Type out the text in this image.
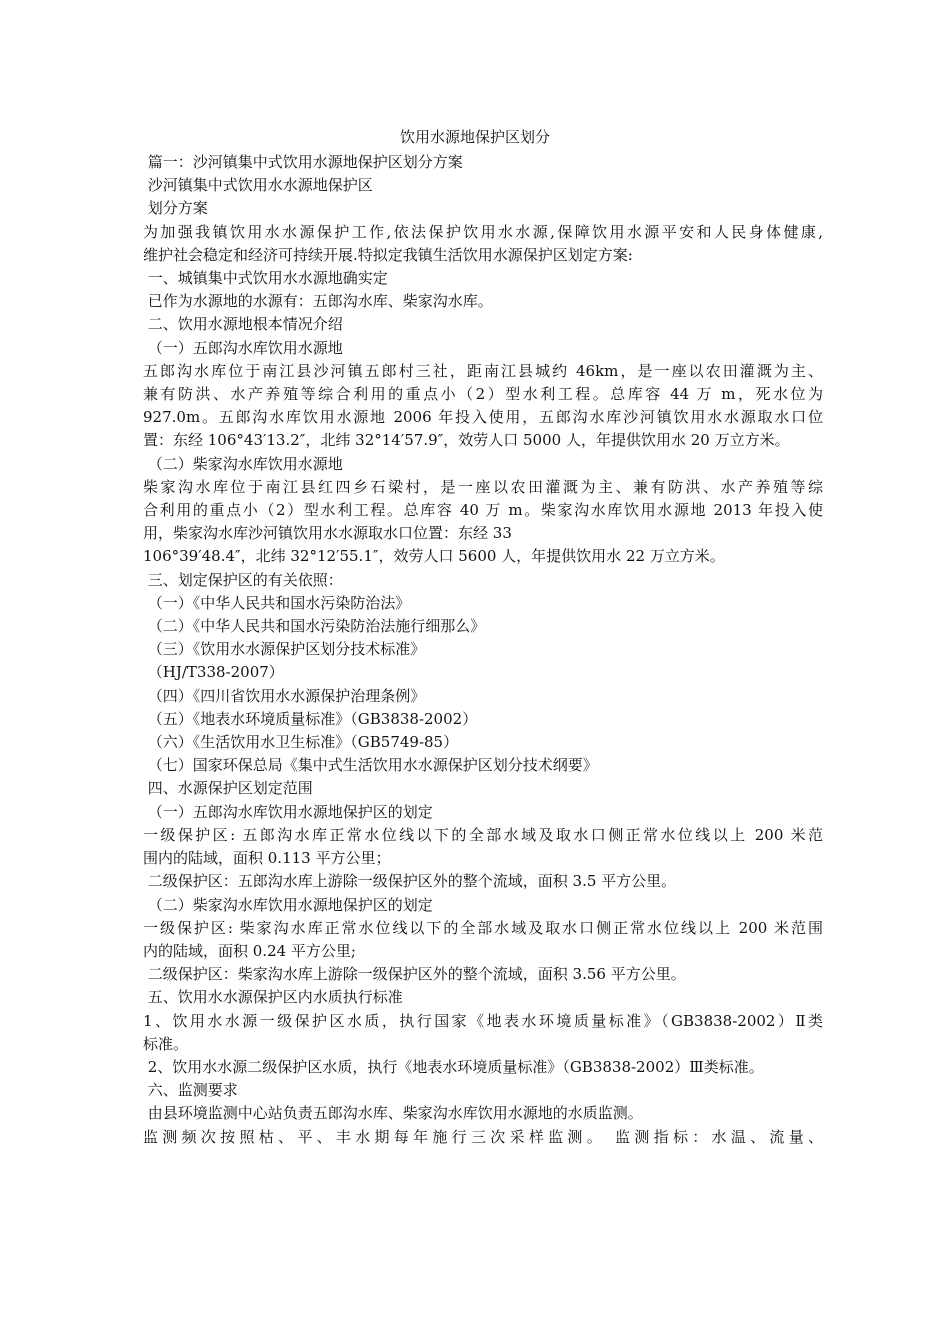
饮用水源地保护区划分
篇一：沙河镇集中式饮用水源地保护区划分方案
沙河镇集中式饮用水水源地保护区
划分方案
为加强我镇饮用水水源保护工作,依法保护饮用水水源,保障饮用水源平安和人民身体健康,
维护社会稳定和经济可持续开展.特拟定我镇生活饮用水源保护区划定方案:
一、城镇集中式饮用水水源地确实定
已作为水源地的水源有：五郎沟水库、柴家沟水库。
二、饮用水源地根本情况介绍
（一）五郎沟水库饮用水源地
五郎沟水库位于南江县沙河镇五郎村三社，距南江县城约 46km，是一座以农田灌溉为主、
兼有防洪、水产养殖等综合利用的重点小（2）型水利工程。总库容 44 万 m，死水位为
927.0m。五郎沟水库饮用水源地 2006 年投入使用，五郎沟水库沙河镇饮用水水源取水口位
置：东经 106°43′13.2″，北纬 32°14′57.9″，效劳人口 5000 人，年提供饮用水 20 万立方米。
（二）柴家沟水库饮用水源地
柴家沟水库位于南江县红四乡石梁村，是一座以农田灌溉为主、兼有防洪、水产养殖等综
合利用的重点小（2）型水利工程。总库容 40 万 m。柴家沟水库饮用水源地 2013 年投入使
用，柴家沟水库沙河镇饮用水水源取水口位置：东经 33
106°39′48.4″，北纬 32°12′55.1″，效劳人口 5600 人，年提供饮用水 22 万立方米。
三、划定保护区的有关依照：
（一）《中华人民共和国水污染防治法》
（二）《中华人民共和国水污染防治法施行细那么》
（三）《饮用水水源保护区划分技术标准》
（HJ/T338-2007）
（四）《四川省饮用水水源保护治理条例》
（五）《地表水环境质量标准》（GB3838-2002）
（六）《生活饮用水卫生标准》（GB5749-85）
（七）国家环保总局《集中式生活饮用水水源保护区划分技术纲要》
四、水源保护区划定范围
（一）五郎沟水库饮用水源地保护区的划定
一级保护区: 五郎沟水库正常水位线以下的全部水域及取水口侧正常水位线以上 200 米范
围内的陆域，面积 0.113 平方公里；
二级保护区：五郎沟水库上游除一级保护区外的整个流域，面积 3.5 平方公里。
（二）柴家沟水库饮用水源地保护区的划定
一级保护区: 柴家沟水库正常水位线以下的全部水域及取水口侧正常水位线以上 200 米范围
内的陆域，面积 0.24 平方公里;
二级保护区：柴家沟水库上游除一级保护区外的整个流域，面积 3.56 平方公里。
五、饮用水水源保护区内水质执行标准
1、饮用水水源一级保护区水质，执行国家《地表水环境质量标准》（GB3838-2002）Ⅱ类
标准。
2、饮用水水源二级保护区水质，执行《地表水环境质量标准》（GB3838-2002）Ⅲ类标准。
六、监测要求
由县环境监测中心站负责五郎沟水库、柴家沟水库饮用水源地的水质监测。
监测频次按照枯、平、丰水期每年施行三次采样监测。 监测指标：水温、流量、
